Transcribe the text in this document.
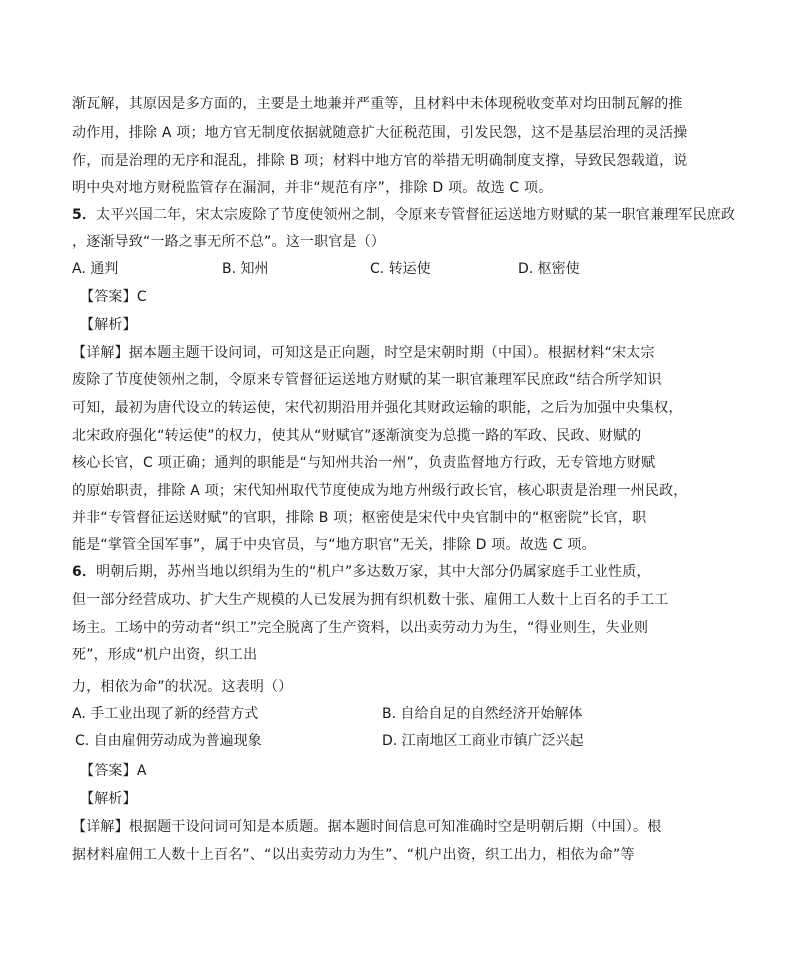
渐瓦解，其原因是多方面的，主要是土地兼并严重等，且材料中未体现税收变革对均田制瓦解的推
动作用，排除 A 项；地方官无制度依据就随意扩大征税范围，引发民怨，这不是基层治理的灵活操
作，而是治理的无序和混乱，排除 B 项；材料中地方官的举措无明确制度支撑，导致民怨载道，说
明中央对地方财税监管存在漏洞，并非“规范有序”，排除 D 项。故选 C 项。
5．太平兴国二年，宋太宗废除了节度使领州之制，令原来专管督征运送地方财赋的某一职官兼理军民庶政
，逐渐导致“一路之事无所不总”。这一职官是（）
A. 通判	B. 知州	C. 转运使	D. 枢密使
【答案】C
【解析】
【详解】据本题主题干设问词，可知这是正向题，时空是宋朝时期（中国）。根据材料“宋太宗
废除了节度使领州之制，令原来专管督征运送地方财赋的某一职官兼理军民庶政“结合所学知识
可知，最初为唐代设立的转运使，宋代初期沿用并强化其财政运输的职能，之后为加强中央集权，
北宋政府强化“转运使”的权力，使其从“财赋官”逐渐演变为总揽一路的军政、民政、财赋的
核心长官，C 项正确；通判的职能是“与知州共治一州”，负责监督地方行政，无专管地方财赋
的原始职责，排除 A 项；宋代知州取代节度使成为地方州级行政长官，核心职责是治理一州民政，
并非“专管督征运送财赋”的官职，排除 B 项；枢密使是宋代中央官制中的“枢密院”长官，职
能是“掌管全国军事”，属于中央官员，与“地方职官”无关，排除 D 项。故选 C 项。
6．明朝后期，苏州当地以织绢为生的“机户”多达数万家，其中大部分仍属家庭手工业性质，
但一部分经营成功、扩大生产规模的人已发展为拥有织机数十张、雇佣工人数十上百名的手工工
场主。工场中的劳动者“织工”完全脱离了生产资料，以出卖劳动力为生，“得业则生，失业则
死”，形成“机户出资，织工出
力，相依为命”的状况。这表明（）
A. 手工业出现了新的经营方式	B. 自给自足的自然经济开始解体
C. 自由雇佣劳动成为普遍现象	D. 江南地区工商业市镇广泛兴起
【答案】A
【解析】
【详解】根据题干设问词可知是本质题。据本题时间信息可知准确时空是明朝后期（中国）。根
据材料雇佣工人数十上百名”、“以出卖劳动力为生”、“机户出资，织工出力，相依为命”等
